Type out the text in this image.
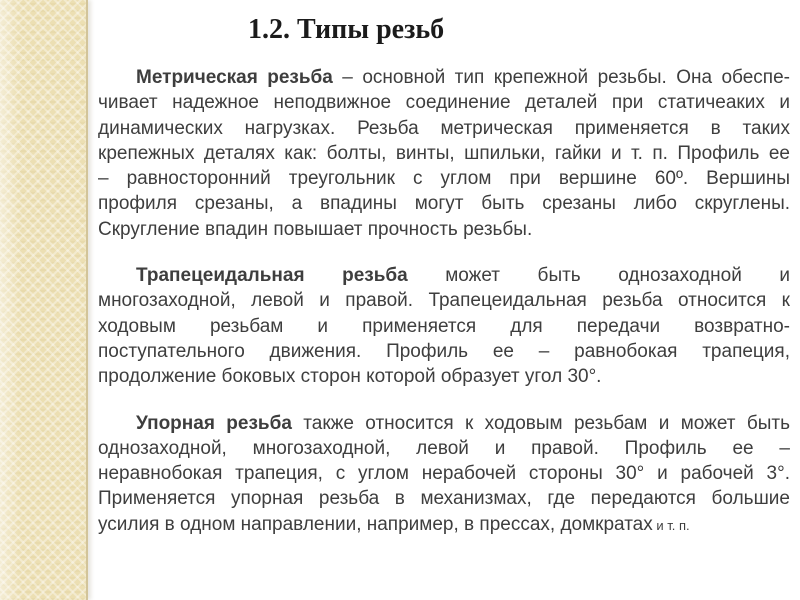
1.2. Типы резьб
Метрическая резьба – основной тип крепежной резьбы. Она обеспе-
чивает надежное неподвижное соединение деталей при статичеаких и
динамических нагрузках. Резьба метрическая применяется в таких
крепежных деталях как: болты, винты, шпильки, гайки и т. п. Профиль ее
– равносторонний треугольник с углом при вершине 60º. Вершины
профиля срезаны, а впадины могут быть срезаны либо скруглены.
Скругление впадин повышает прочность резьбы.
Трапецеидальная резьба может быть однозаходной и
многозаходной, левой и правой. Трапецеидальная резьба относится к
ходовым резьбам и применяется для передачи возвратно-
поступательного движения. Профиль ее – равнобокая трапеция,
продолжение боковых сторон которой образует угол 30°.
Упорная резьба также относится к ходовым резьбам и может быть
однозаходной, многозаходной, левой и правой. Профиль ее –
неравнобокая трапеция, с углом нерабочей стороны 30° и рабочей 3°.
Применяется упорная резьба в механизмах, где передаются большие
усилия в одном направлении, например, в прессах, домкратах и т. п.
